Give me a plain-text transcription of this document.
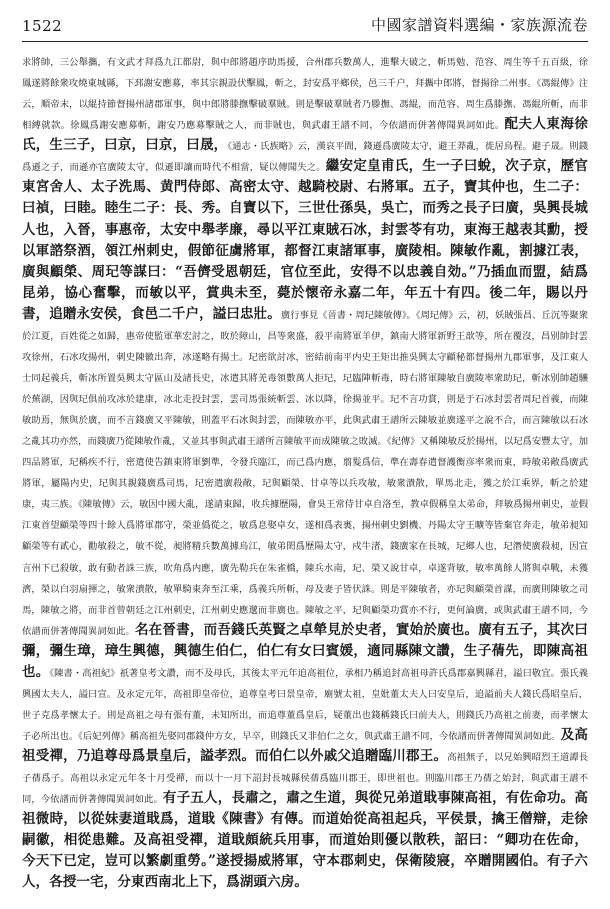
1522	中國家譜資料選編・家族源流卷
求將帥，三公舉攜，有文武才拜爲九江都尉，與中郎將趙序助馬援，合州郡兵數萬人，進擊大破之，斬馬勉、范容、周生等千五百級，徐鳳遂將餘衆攻燒東城縣，下邳謝安應募，率其宗親設伏擊鳳，斬之，封安爲平鄉侯，邑三千户，拜攜中郎將，督揚徐二州事。《馮緄傳》注云，順帝末，以緄持節督揚州諸郡軍事，與中郎將滕撫擊破羣賊。則是擊破羣賊者乃滕撫、馮緄，而范容、周生爲滕撫、馮緄所斬，而非相縛就款。徐鳳爲謝安應募斬，謝安乃應募擊賊之人，而非賊也，與武肅王譜不同，今依譜而併著傳聞異詞如此。配夫人東海徐氏，生三子，曰京，曰京，曰晟，《通志・氏族略》云，漢哀平間，錢遜爲廣陵太守，避王莽亂，徙居烏程。避子晟。則錢爲遜之子，而遜亦官廣陵太守，似遜即讓而時代不相當，疑以傳聞失之。繼安定皇甫氏，生一子曰蛻，次子京，歷官東宮舍人、太子洗馬、黄門侍郎、高密太守、越騎校尉、右將軍。五子，寶其仲也，生二子：曰禎，曰睦。睦生二子：長、秀。自寶以下，三世仕孫吳，吳亡，而秀之長子曰廣，吳興長城人也，入晉，事惠帝，太安中舉孝廉，尋以平江東賊石冰，封雲苓有功，東海王越表其勳，授以軍諮祭酒，領江州刺史，假節征虜將軍，都督江東諸軍事，廣陵相。陳敏作亂，割據江表，廣與顧榮、周玘等謀曰：“吾儕受恩朝廷，官位至此，安得不以忠義自効。”乃插血而盟，結爲昆弟，協心奮擊，而敏以平，賞典未至，薨於懷帝永嘉二年，年五十有四。後二年，賜以丹書，追贈永安侯，食邑二千户，謚曰忠壯。廣行事見《晉書・周玘陳敏傳》。《周玘傳》云，初，妖賊張昌、丘沉等聚衆於江夏，百姓從之如歸，惠帝使監軍華宏討之，敗於障山，昌等衆盛，殺平南將軍羊伊，鎮南大將軍新野王歆等，所在覆沒，昌别帥封雲攻徐州，石冰攻揚州，刺史陳徽出奔，冰遂略有揚土。玘密欲討冰，密結前南平内史王矩出推吳興太守顧秘都督揚州九郡軍事，及江東人士同起義兵，斬冰所置吳興太守區山及諸長史，冰遣其將羌毒領數萬人拒玘，玘臨陣斬毒，時右將軍陳敏自廣陵率衆助玘，斬冰别帥趙驤於蕪湖，因與玘俱前攻冰於建康，冰北走投封雲，雲司馬張統斬雲、冰以降，徐揚並平。玘不言功賞，則是于石冰封雲者周玘首義，而陳敏助焉，無與於廣，而不言錢廣又平陳敏，則蓋平石冰與封雲，而陳敏亦平，此與武肅王譜所云陳敏並廣遂平之說不合，而言陳敏以石冰之亂其功亦然，而錢廣乃從陳敏作亂，又並其事與武肅王譜所言陳敏平而成陳敏之敗滅。《紀傳》又稱陳敏反於揚州，以玘爲安豐太守，加四品將軍，玘稱疾不行，密遣使告鎮東將軍劉準，令發兵臨江，而己爲内應，翦髮爲信，準在壽春遣督護衡彦率衆而東，時敏弟敞爲廣武將軍，屬陽内史，玘與其親錢廣爲司馬，玘密遣廣殺敞，玘與顧榮、甘卓等以兵攻敏，敏衆潰散，單馬北走，獲之於江乘界，斬之於建康，夷三族。《陳敏傳》云，敏因中國大亂，遂請東歸，收兵據歷陽，會吳王常侍甘卓自洛至，教卓假稱皇太弟命，拜敏爲揚州刺史，並假江東首望顧榮等四十餘人爲將軍郡守，榮並僞從之，敏爲息娶卓女，遂相爲表裏，揚州刺史劉機、丹陽太守王曠等皆棄官奔走，敏弟昶知顧榮等有貳心，勸敏殺之，敏不從，昶將精兵數萬據烏江，敏弟閎爲歷陽太守，戍牛渚，錢廣家在長城，玘鄉人也，玘潛使廣殺昶，因宣言州下已殺敏，敢有動者誅三族，吹角爲内應，廣先勒兵在朱雀橋，陳兵水南，玘、榮又說甘卓，卓遂背敏，敏率萬餘人將與卓戰，未獲濟，榮以白羽扇揮之，敏衆潰散，敏單騎東奔至江乘，爲義兵所斬，母及妻子皆伏誅。則是平陳敏者，亦玘與顧榮首謀，而廣則陳敏之司馬，陳敏之將，而非首曾朝廷之江州刺史，江州刺史應邈而非廣也。陳敏之平，玘與顧榮功賞亦不行，更何論廣，或與武肅王譜不同，今依譜而併著傳聞異詞如此。名在晉書，而吾錢氏英賢之卓犖見於史者，實始於廣也。廣有五子，其次曰彌，彌生璋，璋生興德，興德生伯仁，伯仁有女曰賓媛，適同縣陳文讚，生子蒨先，即陳高祖也。《陳書・高祖紀》祇著皇考文讚，而不及母氏，其後太平元年追高祖位，承相乃稱追封高祖母許氏爲郡嘉興縣君，謚曰敬宜。張氏義興國太夫人，謚曰宣。及永定元年，高祖即皇帝位，追尊皇考曰景皇帝，廟號太祖，皇妣董太夫人曰安皇后，追謚前夫人錢氏爲昭皇后，世子克爲孝懷太子。則是高祖之母有張有董，未知所出，而追尊董爲皇后，疑董出也錢稱錢氏曰前夫人，則錢氏乃高祖之前妻，而孝懷太子必所出也。《后妃列傳》稱高祖先娶同郡錢仲方女，早卒，則錢氏又非伯仁之女，與武肅王譜不同，今依譜而併著傳聞異詞如此。及高祖受禪，乃追尊母爲景皇后，謚孝烈。而伯仁以外戚父追贈臨川郡王。高祖無子，以兄始興昭烈王道譚長子蒨爲子。高祖以永定元年冬十月受禪，而以十一月下詔封長城縣侯蒨爲臨川郡王，即世祖也。則臨川郡王乃蒨之始封，與武肅王譜不同，今依譜而併著傳聞異詞如此。有子五人，長肅之，肅之生道，與從兄弟道戢事陳高祖，有佐命功。高祖微時，以從妹妻道戢爲，道戢《陳書》有傳。而道始從高祖起兵，平侯景，擒王僧辯，走徐嗣徽，相從患難。及高祖受禪，道戢頗統兵用事，而道始則優以散秩，詔曰：“卿功在佐命，今天下已定，豈可以繁劇重勞。”遂授揚威將軍，守本郡刺史，保衛陵寢，卒贈開國伯。有子六人，各授一宅，分東西南北上下，爲湖頭六房。
